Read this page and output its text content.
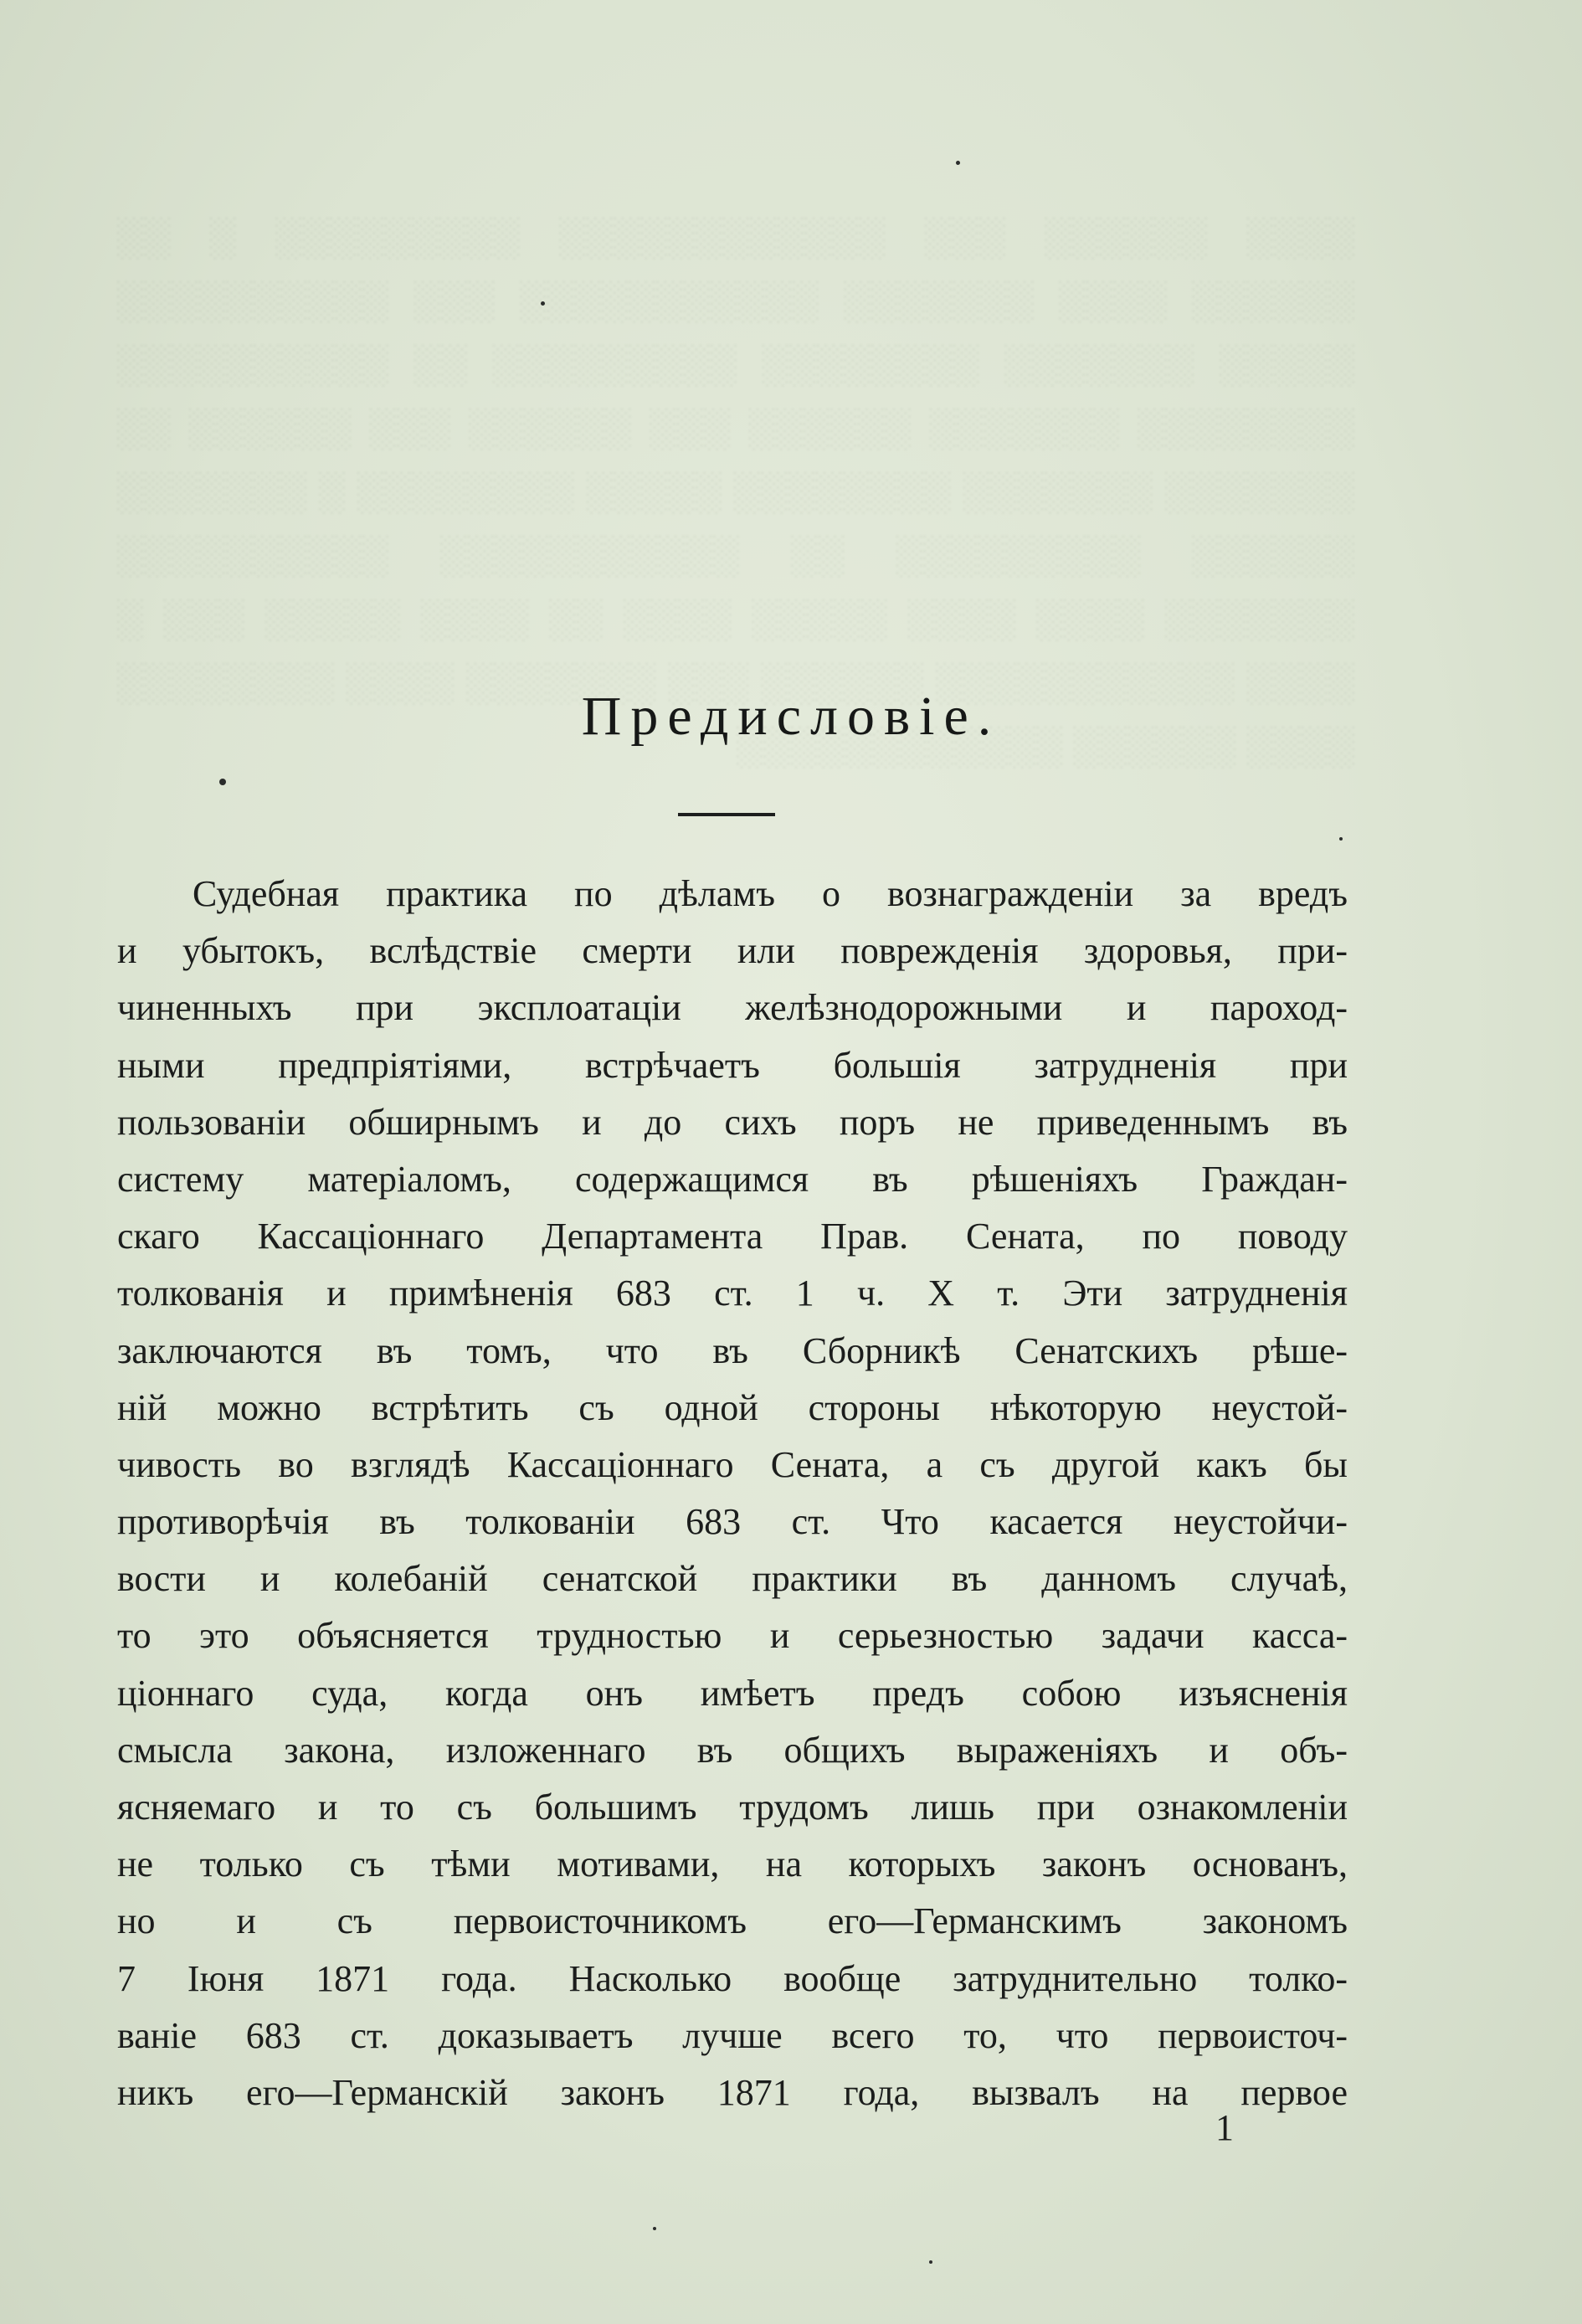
░░░░ ░░░░░░ ░░░ ░░░░░░░░░░░░ ░░░░░░░░░ ░ ░░ ░░░░░░ ░░░░ ░░░░░░░ ░░░░░░░░░░░ ░░░ ░░░░░░░░░░ ░░░░░ ░░░░░░░ ░░░░░░░░ ░░░░░░░░░ ░░ ░░░░░░░░░░ ░░░░░░░░ ░░░░░░░ ░░░░░░ ░░░ ░░░░░░ ░░░ ░░░░░░ ░░ ░░░░░░░ ░░░░░░░ ░░░░░░░░ ░░░░░ ░░░░░░░░ ░ ░░░░░░░ ░░░░░░ ░░░░░░░░░ ░░ ░░░░░░░░░░░ ░░░░░░░░░░ ░░░░░░░ ░░░░ ░░░░ ░░░░░ ░░░░ ░░ ░░░░ ░░░░░ ░░░ ░ ░░░░ ░░░░░░░░░░░ ░░░░░░ ░░░ ░░░░░░░ ░░░░ ░░░░░░░░ ░░░░ ░░░░░░ ░░░░░░░░░░░░
Предисловіе.
Судебная практика по дѣламъ о вознагражденіи за вредъ
и убытокъ, вслѣдствіе смерти или поврежденія здоровья, при-
чиненныхъ при эксплоатаціи желѣзнодорожными и пароход-
ными предпріятіями, встрѣчаетъ большія затрудненія при
пользованіи обширнымъ и до сихъ поръ не приведеннымъ въ
систему матеріаломъ, содержащимся въ рѣшеніяхъ Граждан-
скаго Кассаціоннаго Департамента Прав. Сената, по поводу
толкованія и примѣненія 683 ст. 1 ч. X т. Эти затрудненія
заключаются въ томъ, что въ Сборникѣ Сенатскихъ рѣше-
ній можно встрѣтить съ одной стороны нѣкоторую неустой-
чивость во взглядѣ Кассаціоннаго Сената, а съ другой какъ бы
противорѣчія въ толкованіи 683 ст. Что касается неустойчи-
вости и колебаній сенатской практики въ данномъ случаѣ,
то это объясняется трудностью и серьезностью задачи касса-
ціоннаго суда, когда онъ имѣетъ предъ собою изъясненія
смысла закона, изложеннаго въ общихъ выраженіяхъ и объ-
ясняемаго и то съ большимъ трудомъ лишь при ознакомленіи
не только съ тѣми мотивами, на которыхъ законъ основанъ,
но и съ первоисточникомъ его—Германскимъ закономъ
7 Іюня 1871 года. Насколько вообще затруднительно толко-
ваніе 683 ст. доказываетъ лучше всего то, что первоисточ-
никъ его—Германскій законъ 1871 года, вызвалъ на первое
1
